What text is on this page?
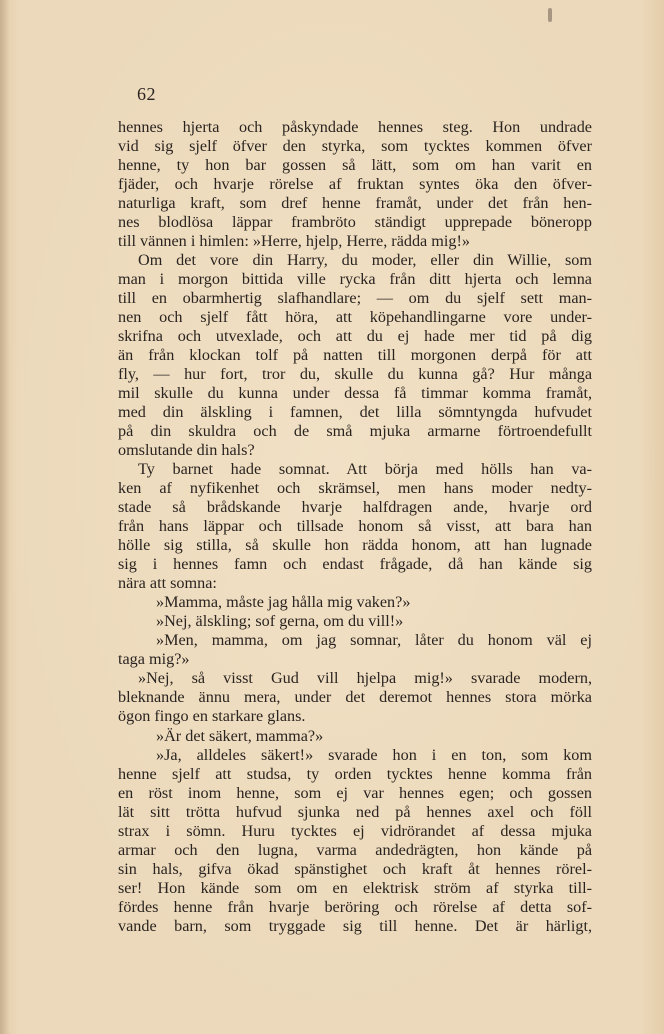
62
hennes hjerta och påskyndade hennes steg. Hon undrade
vid sig sjelf öfver den styrka, som tycktes kommen öfver
henne, ty hon bar gossen så lätt, som om han varit en
fjäder, och hvarje rörelse af fruktan syntes öka den öfver-
naturliga kraft, som dref henne framåt, under det från hen-
nes blodlösa läppar frambröto ständigt upprepade böneropp
till vännen i himlen: »Herre, hjelp, Herre, rädda mig!»
Om det vore din Harry, du moder, eller din Willie, som
man i morgon bittida ville rycka från ditt hjerta och lemna
till en obarmhertig slafhandlare; — om du sjelf sett man-
nen och sjelf fått höra, att köpehandlingarne vore under-
skrifna och utvexlade, och att du ej hade mer tid på dig
än från klockan tolf på natten till morgonen derpå för att
fly, — hur fort, tror du, skulle du kunna gå? Hur många
mil skulle du kunna under dessa få timmar komma framåt,
med din älskling i famnen, det lilla sömntyngda hufvudet
på din skuldra och de små mjuka armarne förtroendefullt
omslutande din hals?
Ty barnet hade somnat. Att börja med hölls han va-
ken af nyfikenhet och skrämsel, men hans moder nedty-
stade så brådskande hvarje halfdragen ande, hvarje ord
från hans läppar och tillsade honom så visst, att bara han
hölle sig stilla, så skulle hon rädda honom, att han lugnade
sig i hennes famn och endast frågade, då han kände sig
nära att somna:
»Mamma, måste jag hålla mig vaken?»
»Nej, älskling; sof gerna, om du vill!»
»Men, mamma, om jag somnar, låter du honom väl ej
taga mig?»
»Nej, så visst Gud vill hjelpa mig!» svarade modern,
bleknande ännu mera, under det deremot hennes stora mörka
ögon fingo en starkare glans.
»Är det säkert, mamma?»
»Ja, alldeles säkert!» svarade hon i en ton, som kom
henne sjelf att studsa, ty orden tycktes henne komma från
en röst inom henne, som ej var hennes egen; och gossen
lät sitt trötta hufvud sjunka ned på hennes axel och föll
strax i sömn. Huru tycktes ej vidrörandet af dessa mjuka
armar och den lugna, varma andedrägten, hon kände på
sin hals, gifva ökad spänstighet och kraft åt hennes rörel-
ser! Hon kände som om en elektrisk ström af styrka till-
fördes henne från hvarje beröring och rörelse af detta sof-
vande barn, som tryggade sig till henne. Det är härligt,
